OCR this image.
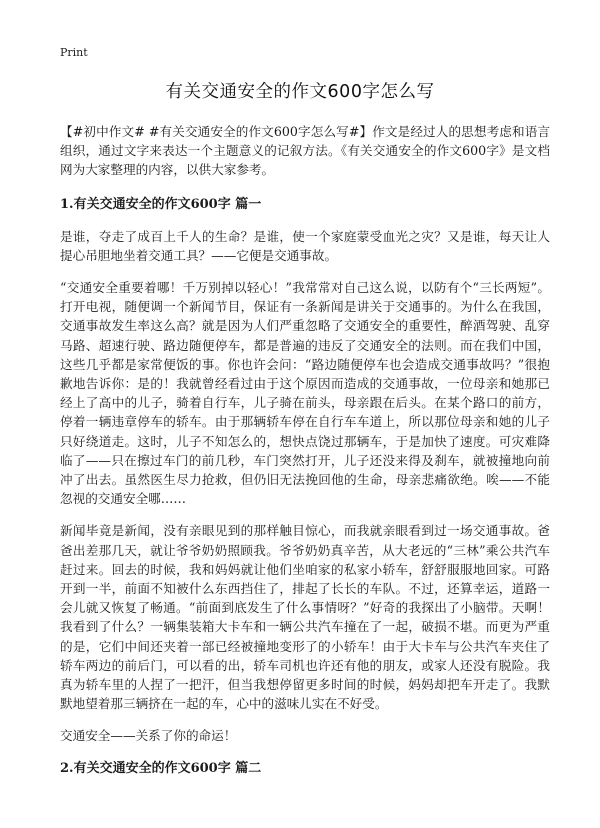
Print
有关交通安全的作文600字怎么写

【#初中作文# #有关交通安全的作文600字怎么写#】作文是经过人的思想考虑和语言组织，通过文字来表达一个主题意义的记叙方法。《有关交通安全的作文600字》是文档网为大家整理的内容，以供大家参考。

1.有关交通安全的作文600字 篇一

是谁，夺走了成百上千人的生命？是谁，使一个家庭蒙受血光之灾？又是谁，每天让人提心吊胆地坐着交通工具？——它便是交通事故。

“交通安全重要着哪！千万别掉以轻心！”我常常对自己这么说，以防有个“三长两短”。打开电视，随便调一个新闻节目，保证有一条新闻是讲关于交通事的。为什么在我国，交通事故发生率这么高？就是因为人们严重忽略了交通安全的重要性，醉酒驾驶、乱穿马路、超速行驶、路边随便停车，都是普遍的违反了交通安全的法则。而在我们中国，这些几乎都是家常便饭的事。你也许会问：“路边随便停车也会造成交通事故吗？”很抱歉地告诉你：是的！我就曾经看过由于这个原因而造成的交通事故，一位母亲和她那已经上了高中的儿子，骑着自行车，儿子骑在前头，母亲跟在后头。在某个路口的前方，停着一辆违章停车的轿车。由于那辆轿车停在自行车车道上，所以那位母亲和她的儿子只好绕道走。这时，儿子不知怎么的，想快点饶过那辆车，于是加快了速度。可灾难降临了——只在擦过车门的前几秒，车门突然打开，儿子还没来得及刹车，就被撞地向前冲了出去。虽然医生尽力抢救，但仍旧无法挽回他的生命，母亲悲痛欲绝。唉——不能忽视的交通安全哪……

新闻毕竟是新闻，没有亲眼见到的那样触目惊心，而我就亲眼看到过一场交通事故。爸爸出差那几天，就让爷爷奶奶照顾我。爷爷奶奶真辛苦，从大老远的“三林”乘公共汽车赶过来。回去的时候，我和妈妈就让他们坐咱家的私家小轿车，舒舒服服地回家。可路开到一半，前面不知被什么东西挡住了，排起了长长的车队。不过，还算幸运，道路一会儿就又恢复了畅通。“前面到底发生了什么事情呀？”好奇的我探出了小脑带。天啊！我看到了什么？一辆集装箱大卡车和一辆公共汽车撞在了一起，破损不堪。而更为严重的是，它们中间还夹着一部已经被撞地变形了的小轿车！由于大卡车与公共汽车夹住了轿车两边的前后门，可以看的出，轿车司机也许还有他的朋友，或家人还没有脱险。我真为轿车里的人捏了一把汗，但当我想停留更多时间的时候，妈妈却把车开走了。我默默地望着那三辆挤在一起的车，心中的滋味儿实在不好受。

交通安全——关系了你的命运！

2.有关交通安全的作文600字 篇二
